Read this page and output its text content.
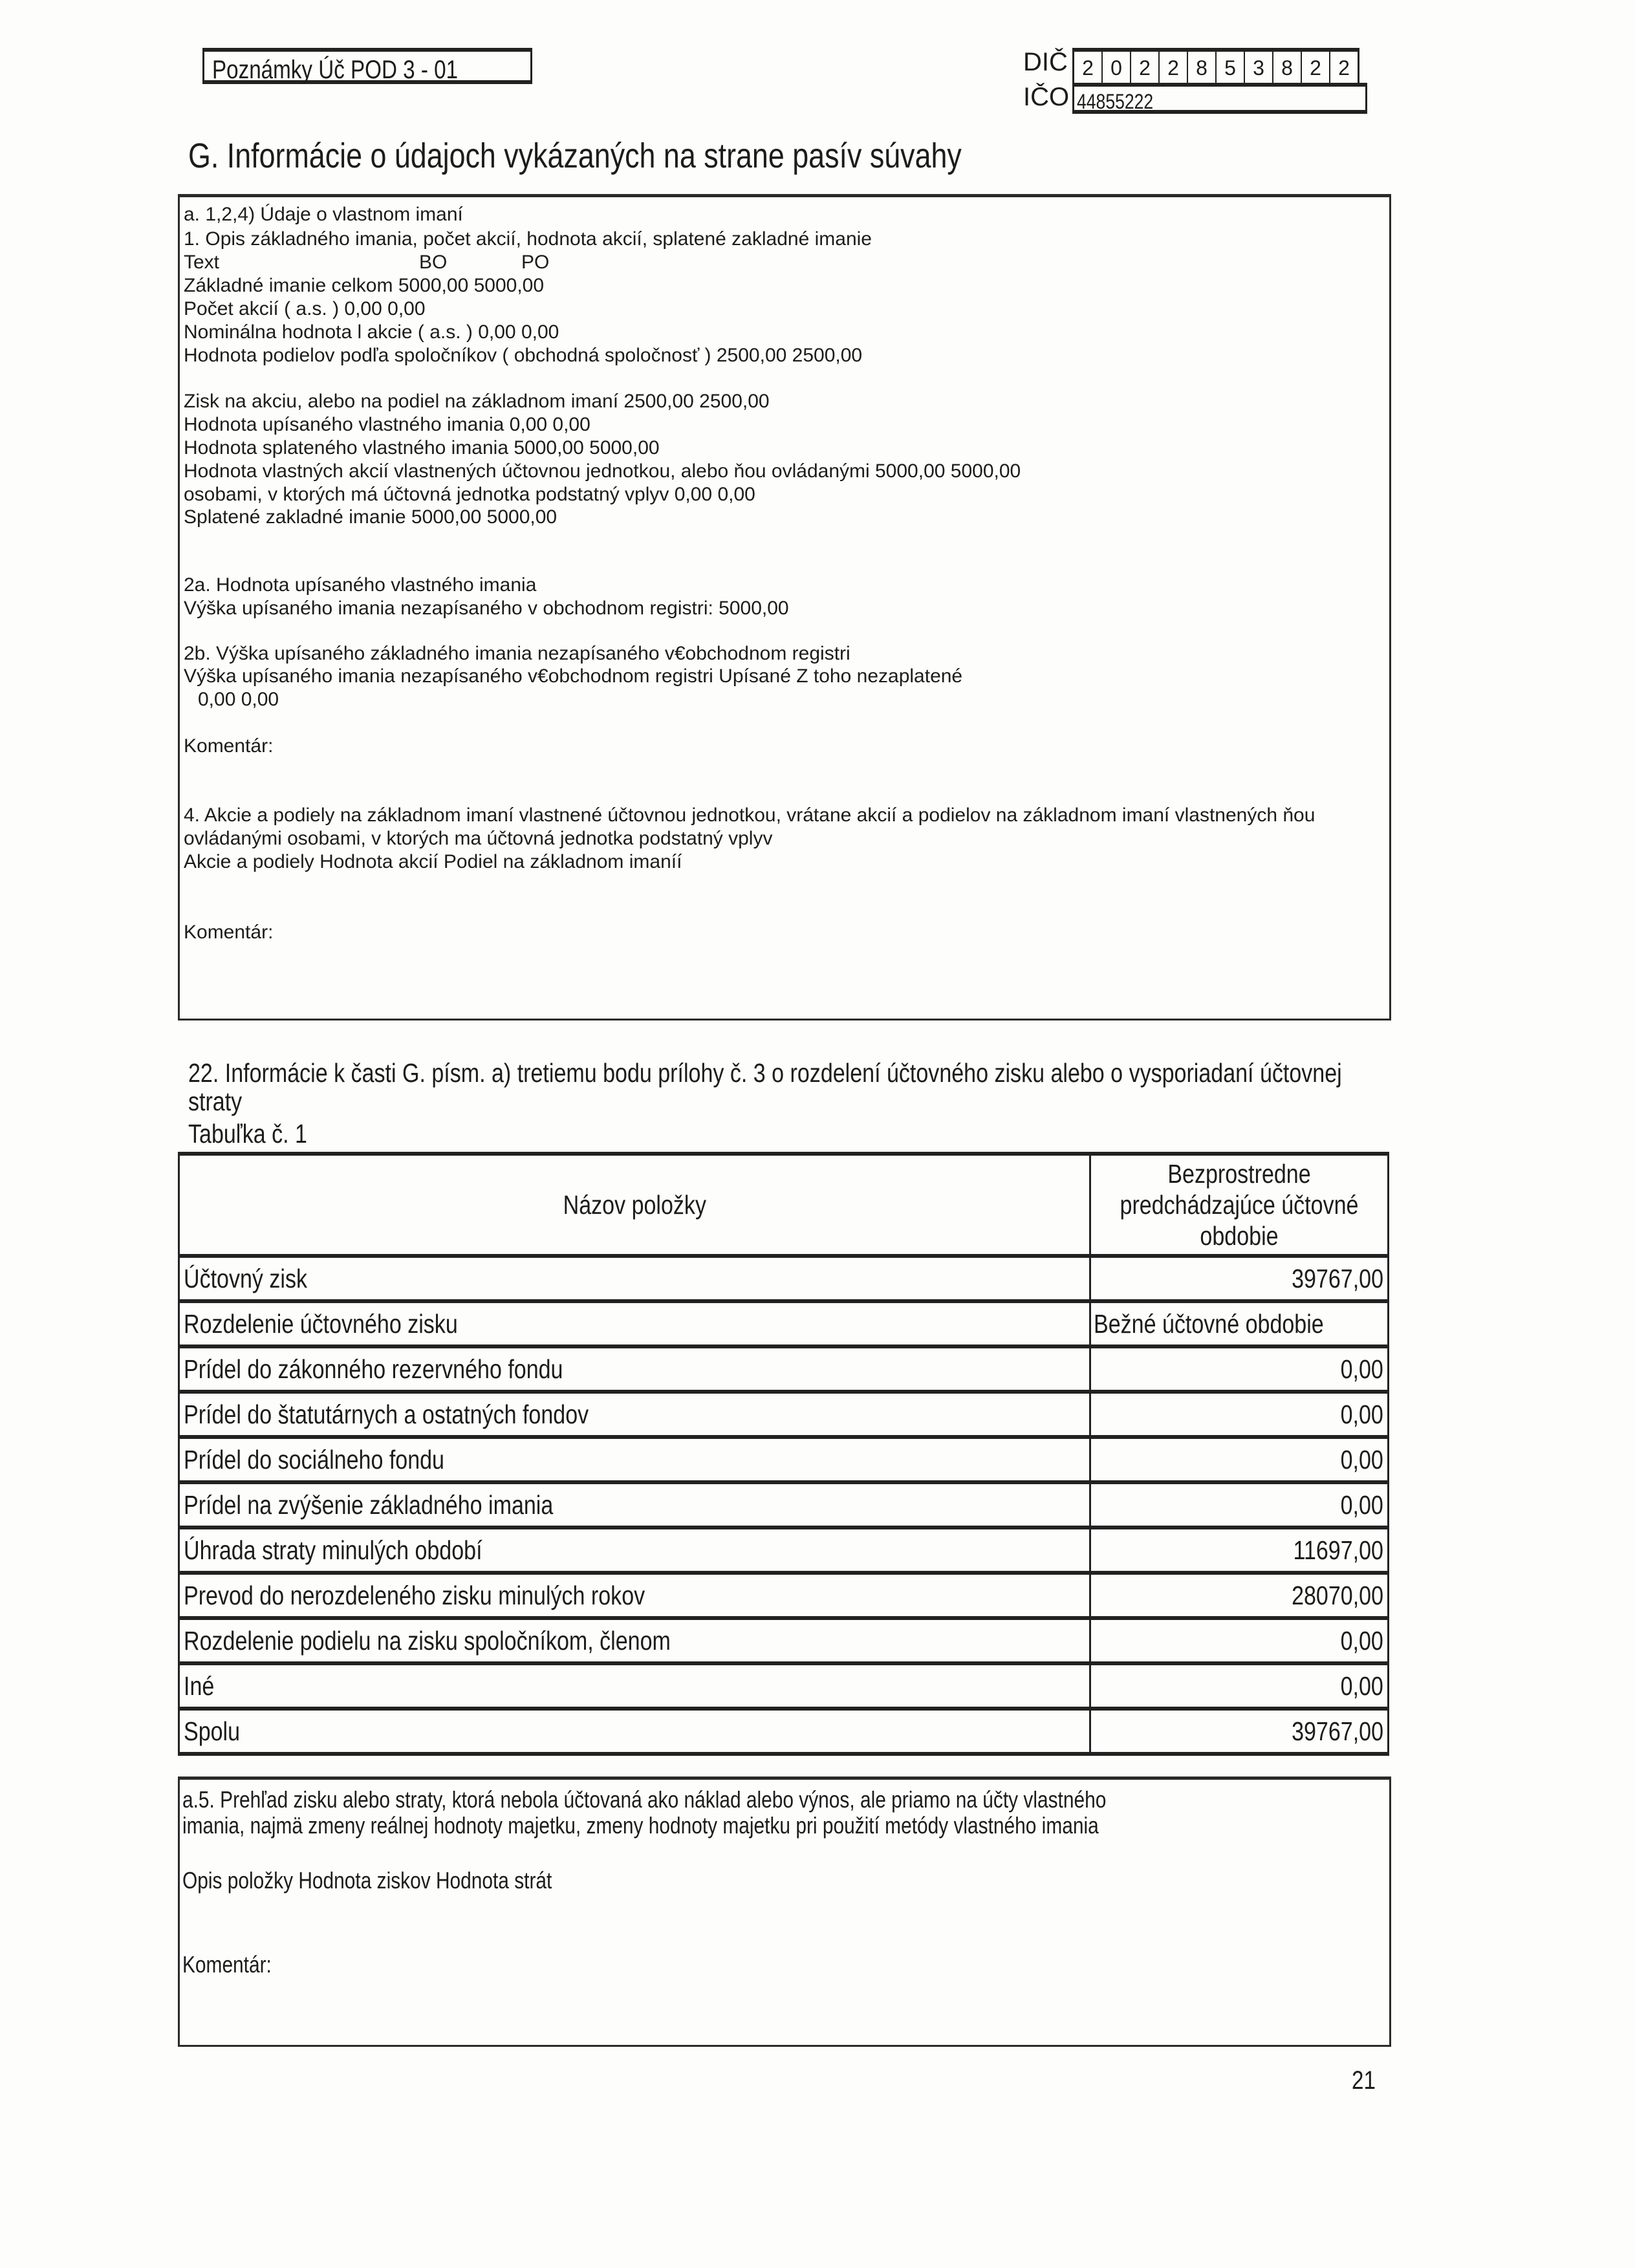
Poznámky Úč POD 3 - 01	DIČ 2 0 2 2 8 5 3 8 2 2
IČO 44855222
G. Informácie o údajoch vykázaných na strane pasív súvahy
a. 1,2,4) Údaje o vlastnom imaní
1. Opis základného imania, počet akcií, hodnota akcií, splatené zakladné imanie
Text	BO	PO
Základné imanie celkom 5000,00 5000,00
Počet akcií ( a.s. ) 0,00 0,00
Nominálna hodnota l akcie ( a.s. ) 0,00 0,00
Hodnota podielov podľa spoločníkov ( obchodná spoločnosť ) 2500,00 2500,00
Zisk na akciu, alebo na podiel na základnom imaní 2500,00 2500,00
Hodnota upísaného vlastného imania 0,00 0,00
Hodnota splateného vlastného imania 5000,00 5000,00
Hodnota vlastných akcií vlastnených účtovnou jednotkou, alebo ňou ovládanými 5000,00 5000,00
osobami, v ktorých má účtovná jednotka podstatný vplyv 0,00 0,00
Splatené zakladné imanie 5000,00 5000,00
2a. Hodnota upísaného vlastného imania
Výška upísaného imania nezapísaného v obchodnom registri: 5000,00
2b. Výška upísaného základného imania nezapísaného v€obchodnom registri
Výška upísaného imania nezapísaného v€obchodnom registri Upísané Z toho nezaplatené
0,00 0,00
Komentár:
4. Akcie a podiely na základnom imaní vlastnené účtovnou jednotkou, vrátane akcií a podielov na základnom imaní vlastnených ňou
ovládanými osobami, v ktorých ma účtovná jednotka podstatný vplyv
Akcie a podiely Hodnota akcií Podiel na základnom imaníí
Komentár:
22. Informácie k časti G. písm. a) tretiemu bodu prílohy č. 3 o rozdelení účtovného zisku alebo o vysporiadaní účtovnej
straty
Tabuľka č. 1
Názov položky	Bezprostredne
predchádzajúce účtovné
obdobie

Účtovný zisk	39767,00
Rozdelenie účtovného zisku	Bežné účtovné obdobie
Prídel do zákonného rezervného fondu	0,00
Prídel do štatutárnych a ostatných fondov	0,00
Prídel do sociálneho fondu	0,00
Prídel na zvýšenie základného imania	0,00
Úhrada straty minulých období	11697,00
Prevod do nerozdeleného zisku minulých rokov	28070,00
Rozdelenie podielu na zisku spoločníkom, členom	0,00
Iné	0,00
Spolu	39767,00
a.5. Prehľad zisku alebo straty, ktorá nebola účtovaná ako náklad alebo výnos, ale priamo na účty vlastného
imania, najmä zmeny reálnej hodnoty majetku, zmeny hodnoty majetku pri použití metódy vlastného imania
Opis položky Hodnota ziskov Hodnota strát
Komentár:
21
